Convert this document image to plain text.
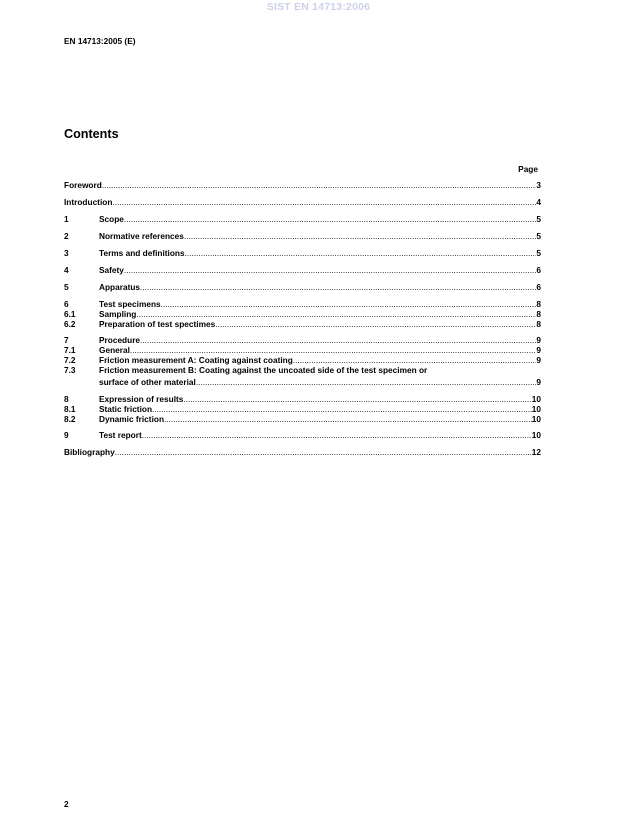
SIST EN 14713:2006
EN 14713:2005 (E)
Contents
Page
Foreword .....	3
Introduction .....	4
1	Scope .....	5
2	Normative references .....	5
3	Terms and definitions .....	5
4	Safety .....	6
5	Apparatus .....	6
6	Test specimens .....	8
6.1	Sampling .....	8
6.2	Preparation of test spectimes .....	8
7	Procedure .....	9
7.1	General .....	9
7.2	Friction measurement A: Coating against coating .....	9
7.3	Friction measurement B: Coating against the uncoated side of the test specimen or
surface of other material .....	9
8	Expression of results .....	10
8.1	Static friction .....	10
8.2	Dynamic friction .....	10
9	Test report .....	10
Bibliography .....	12
2
